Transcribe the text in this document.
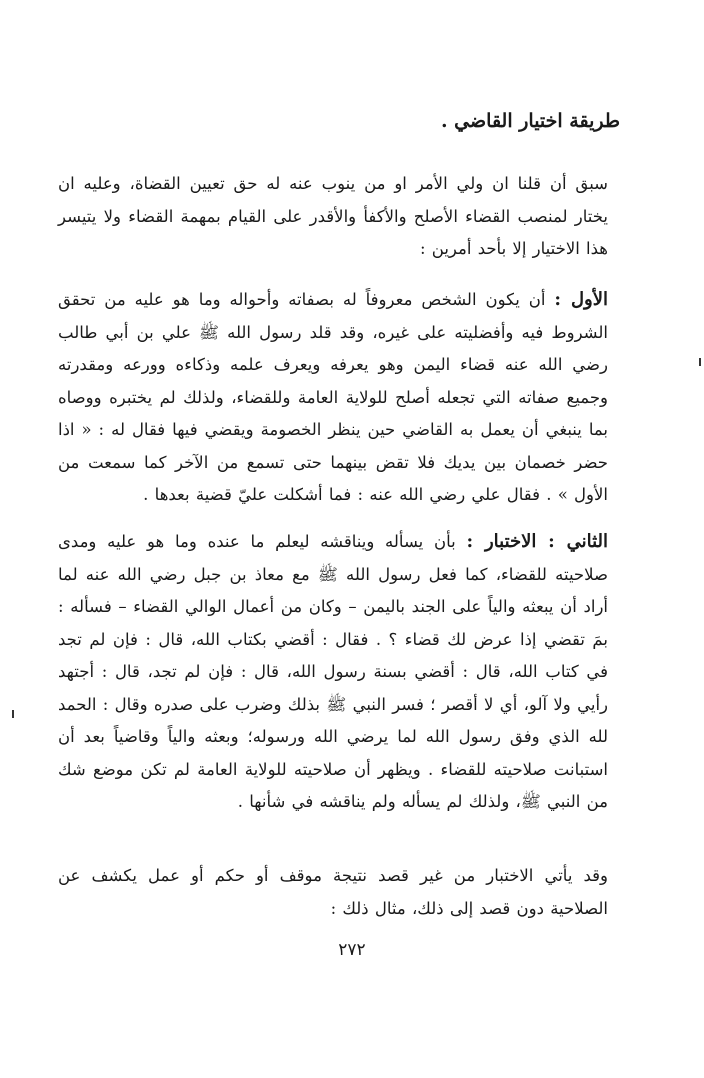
طريقة اختيار القاضي .

سبق أن قلنا ان ولي الأمر او من ينوب عنه له حق تعيين القضاة، وعليه ان يختار لمنصب القضاء الأصلح والأكفأ والأقدر على القيام بمهمة القضاء ولا يتيسر هذا الاختيار إلا بأحد أمرين :

الأول : أن يكون الشخص معروفاً له بصفاته وأحواله وما هو عليه من تحقق الشروط فيه وأفضليته على غيره، وقد قلد رسول الله ﷺ علي بن أبي طالب رضي الله عنه قضاء اليمن وهو يعرفه ويعرف علمه وذكاءه وورعه ومقدرته وجميع صفاته التي تجعله أصلح للولاية العامة وللقضاء، ولذلك لم يختبره ووصاه بما ينبغي أن يعمل به القاضي حين ينظر الخصومة ويقضي فيها فقال له : « اذا حضر خصمان بين يديك فلا تقض بينهما حتى تسمع من الآخر كما سمعت من الأول » . فقال علي رضي الله عنه : فما أشكلت عليّ قضية بعدها .

الثاني : الاختبار : بأن يسأله ويناقشه ليعلم ما عنده وما هو عليه ومدى صلاحيته للقضاء، كما فعل رسول الله ﷺ مع معاذ بن جبل رضي الله عنه لما أراد أن يبعثه والياً على الجند باليمن – وكان من أعمال الوالي القضاء – فسأله : بمَ تقضي إذا عرض لك قضاء ؟ . فقال : أقضي بكتاب الله، قال : فإن لم تجد في كتاب الله، قال : أقضي بسنة رسول الله، قال : فإن لم تجد، قال : أجتهد رأيي ولا آلو، أي لا أقصر ؛ فسر النبي ﷺ بذلك وضرب على صدره وقال : الحمد لله الذي وفق رسول الله لما يرضي الله ورسوله؛ وبعثه والياً وقاضياً بعد أن استبانت صلاحيته للقضاء . ويظهر أن صلاحيته للولاية العامة لم تكن موضع شك من النبي ﷺ، ولذلك لم يسأله ولم يناقشه في شأنها .

وقد يأتي الاختبار من غير قصد نتيجة موقف أو حكم أو عمل يكشف عن الصلاحية دون قصد إلى ذلك، مثال ذلك :

٢٧٢
